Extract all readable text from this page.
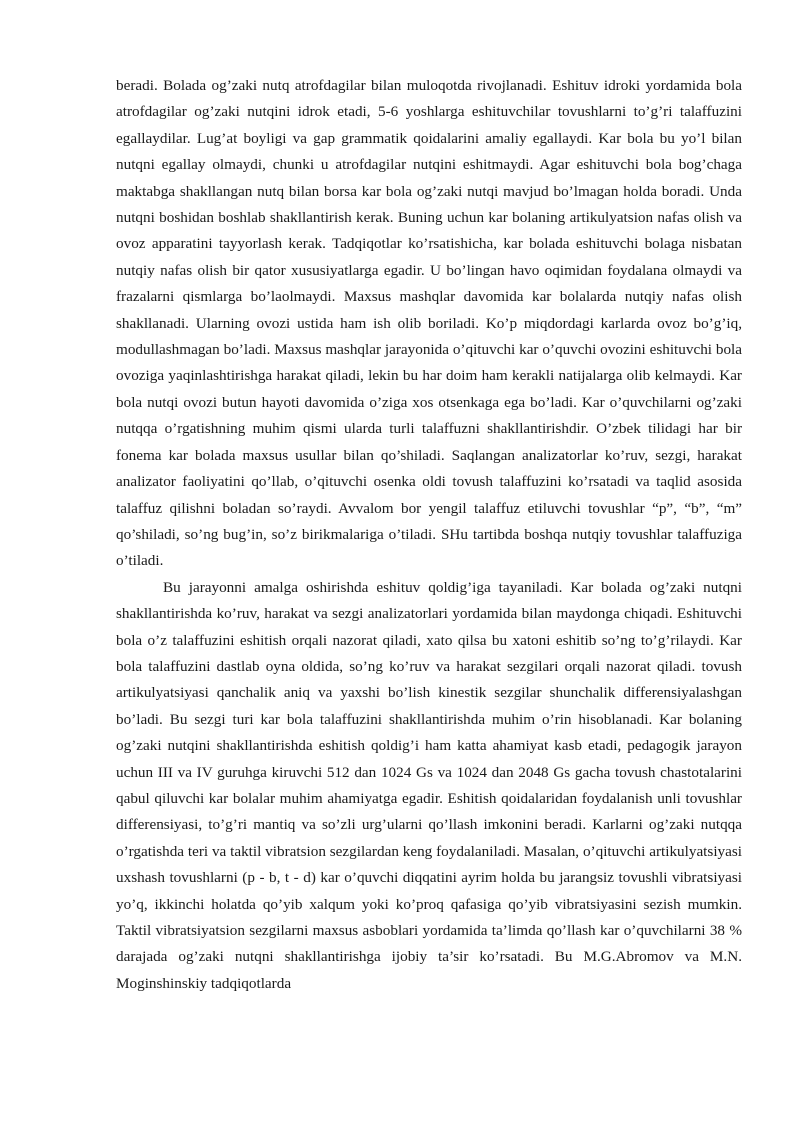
beradi. Bolada og’zaki nutq atrofdagilar bilan muloqotda rivojlanadi. Eshituv idroki yordamida bola atrofdagilar og’zaki nutqini idrok etadi, 5-6 yoshlarga eshituvchilar tovushlarni to’g’ri talaffuzini egallaydilar. Lug’at boyligi va gap grammatik qoidalarini amaliy egallaydi. Kar bola bu yo’l bilan nutqni egallay olmaydi, chunki u atrofdagilar nutqini eshitmaydi. Agar eshituvchi bola bog’chaga maktabga shakllangan nutq bilan borsa kar bola og’zaki nutqi mavjud bo’lmagan holda boradi. Unda nutqni boshidan boshlab shakllantirish kerak. Buning uchun kar bolaning artikulyatsion nafas olish va ovoz apparatini tayyorlash kerak. Tadqiqotlar ko’rsatishicha, kar bolada eshituvchi bolaga nisbatan nutqiy nafas olish bir qator xususiyatlarga egadir. U bo’lingan havo oqimidan foydalana olmaydi va frazalarni qismlarga bo’laolmaydi. Maxsus mashqlar davomida kar bolalarda nutqiy nafas olish shakllanadi. Ularning ovozi ustida ham ish olib boriladi. Ko’p miqdordagi karlarda ovoz bo’g’iq, modullashmagan bo’ladi. Maxsus mashqlar jarayonida o’qituvchi kar o’quvchi ovozini eshituvchi bola ovoziga yaqinlashtirishga harakat qiladi, lekin bu har doim ham kerakli natijalarga olib kelmaydi. Kar bola nutqi ovozi butun hayoti davomida o’ziga xos otsenkaga ega bo’ladi. Kar o’quvchilarni og’zaki nutqqa o’rgatishning muhim qismi ularda turli talaffuzni shakllantirishdir. O’zbek tilidagi har bir fonema kar bolada maxsus usullar bilan qo’shiladi. Saqlangan analizatorlar ko’ruv, sezgi, harakat analizator faoliyatini qo’llab, o’qituvchi osenka oldi tovush talaffuzini ko’rsatadi va taqlid asosida talaffuz qilishni boladan so’raydi. Avvalom bor yengil talaffuz etiluvchi tovushlar “p”, “b”, “m” qo’shiladi, so’ng bug’in, so’z birikmalariga o’tiladi. SHu tartibda boshqa nutqiy tovushlar talaffuziga o’tiladi.

Bu jarayonni amalga oshirishda eshituv qoldig’iga tayaniladi. Kar bolada og’zaki nutqni shakllantirishda ko’ruv, harakat va sezgi analizatorlari yordamida bilan maydonga chiqadi. Eshituvchi bola o’z talaffuzini eshitish orqali nazorat qiladi, xato qilsa bu xatoni eshitib so’ng to’g’rilaydi. Kar bola talaffuzini dastlab oyna oldida, so’ng ko’ruv va harakat sezgilari orqali nazorat qiladi. tovush artikulyatsiyasi qanchalik aniq va yaxshi bo’lish kinestik sezgilar shunchalik differensiyalashgan bo’ladi. Bu sezgi turi kar bola talaffuzini shakllantirishda muhim o’rin hisoblanadi. Kar bolaning og’zaki nutqini shakllantirishda eshitish qoldig’i ham katta ahamiyat kasb etadi, pedagogik jarayon uchun III va IV guruhga kiruvchi 512 dan 1024 Gs va 1024 dan 2048 Gs gacha tovush chastotalarini qabul qiluvchi kar bolalar muhim ahamiyatga egadir. Eshitish qoidalaridan foydalanish unli tovushlar differensiyasi, to’g’ri mantiq va so’zli urg’ularni qo’llash imkonini beradi. Karlarni og’zaki nutqqa o’rgatishda teri va taktil vibratsion sezgilardan keng foydalaniladi. Masalan, o’qituvchi artikulyatsiyasi uxshash tovushlarni (p - b, t - d) kar o’quvchi diqqatini ayrim holda bu jarangsiz tovushli vibratsiyasi yo’q, ikkinchi holatda qo’yib xalqum yoki ko’proq qafasiga qo’yib vibratsiyasini sezish mumkin. Taktil vibratsiyatsion sezgilarni maxsus asboblari yordamida ta’limda qo’llash kar o’quvchilarni 38 % darajada og’zaki nutqni shakllantirishga ijobiy ta’sir ko’rsatadi. Bu M.G.Abromov va M.N. Moginshinskiy tadqiqotlarda
